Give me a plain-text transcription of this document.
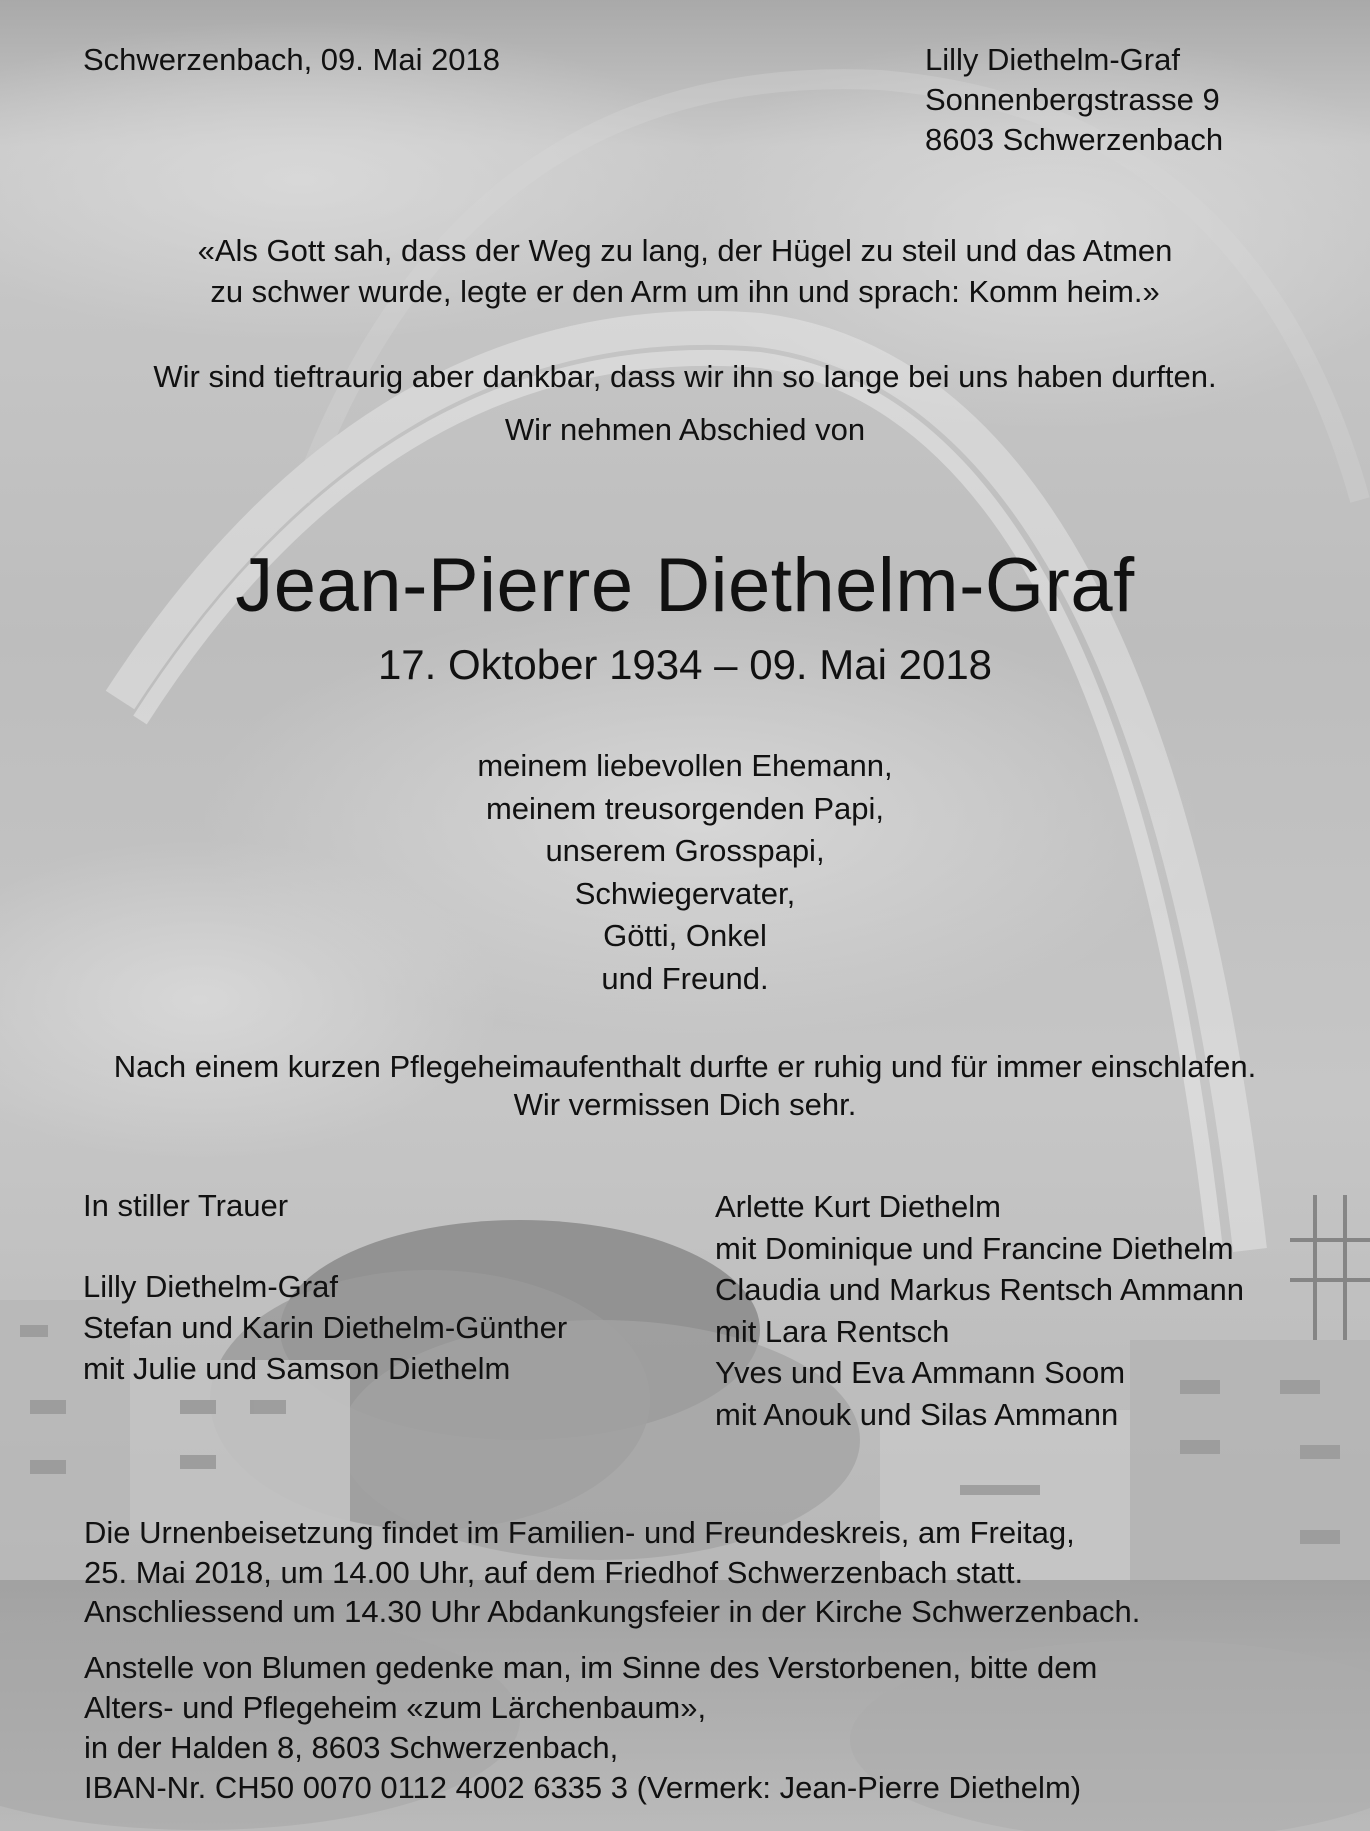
Schwerzenbach, 09. Mai 2018	Lilly Diethelm-Graf
Sonnenbergstrasse 9
8603 Schwerzenbach
«Als Gott sah, dass der Weg zu lang, der Hügel zu steil und das Atmen
zu schwer wurde, legte er den Arm um ihn und sprach: Komm heim.»
Wir sind tieftraurig aber dankbar, dass wir ihn so lange bei uns haben durften.
Wir nehmen Abschied von
Jean-Pierre Diethelm-Graf
17. Oktober 1934 – 09. Mai 2018
meinem liebevollen Ehemann,
meinem treusorgenden Papi,
unserem Grosspapi,
Schwiegervater,
Götti, Onkel
und Freund.
Nach einem kurzen Pflegeheimaufenthalt durfte er ruhig und für immer einschlafen.
Wir vermissen Dich sehr.
In stiller Trauer
Lilly Diethelm-Graf
Stefan und Karin Diethelm-Günther
mit Julie und Samson Diethelm
Arlette Kurt Diethelm
mit Dominique und Francine Diethelm
Claudia und Markus Rentsch Ammann
mit Lara Rentsch
Yves und Eva Ammann Soom
mit Anouk und Silas Ammann
Die Urnenbeisetzung findet im Familien- und Freundeskreis, am Freitag,
25. Mai 2018, um 14.00 Uhr, auf dem Friedhof Schwerzenbach statt.
Anschliessend um 14.30 Uhr Abdankungsfeier in der Kirche Schwerzenbach.
Anstelle von Blumen gedenke man, im Sinne des Verstorbenen, bitte dem
Alters- und Pflegeheim «zum Lärchenbaum»,
in der Halden 8, 8603 Schwerzenbach,
IBAN-Nr. CH50 0070 0112 4002 6335 3 (Vermerk: Jean-Pierre Diethelm)
